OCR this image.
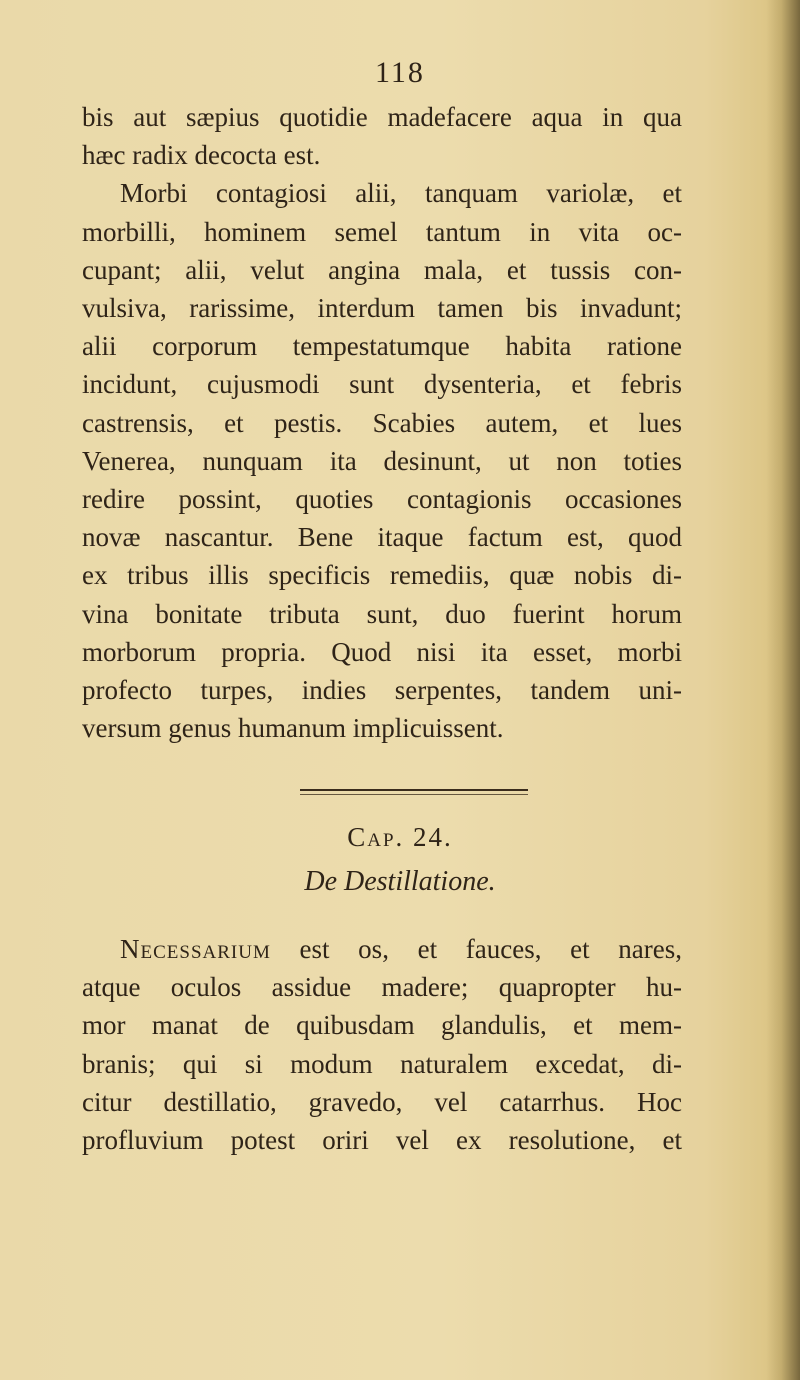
118
bis aut sæpius quotidie madefacere aqua in qua
hæc radix decocta est.
Morbi contagiosi alii, tanquam variolæ, et
morbilli, hominem semel tantum in vita oc-
cupant; alii, velut angina mala, et tussis con-
vulsiva, rarissime, interdum tamen bis invadunt;
alii corporum tempestatumque habita ratione
incidunt, cujusmodi sunt dysenteria, et febris
castrensis, et pestis. Scabies autem, et lues
Venerea, nunquam ita desinunt, ut non toties
redire possint, quoties contagionis occasiones
novæ nascantur. Bene itaque factum est, quod
ex tribus illis specificis remediis, quæ nobis di-
vina bonitate tributa sunt, duo fuerint horum
morborum propria. Quod nisi ita esset, morbi
profecto turpes, indies serpentes, tandem uni-
versum genus humanum implicuissent.
Cap. 24.
De Destillatione.
Necessarium est os, et fauces, et nares,
atque oculos assidue madere; quapropter hu-
mor manat de quibusdam glandulis, et mem-
branis; qui si modum naturalem excedat, di-
citur destillatio, gravedo, vel catarrhus. Hoc
profluvium potest oriri vel ex resolutione, et
